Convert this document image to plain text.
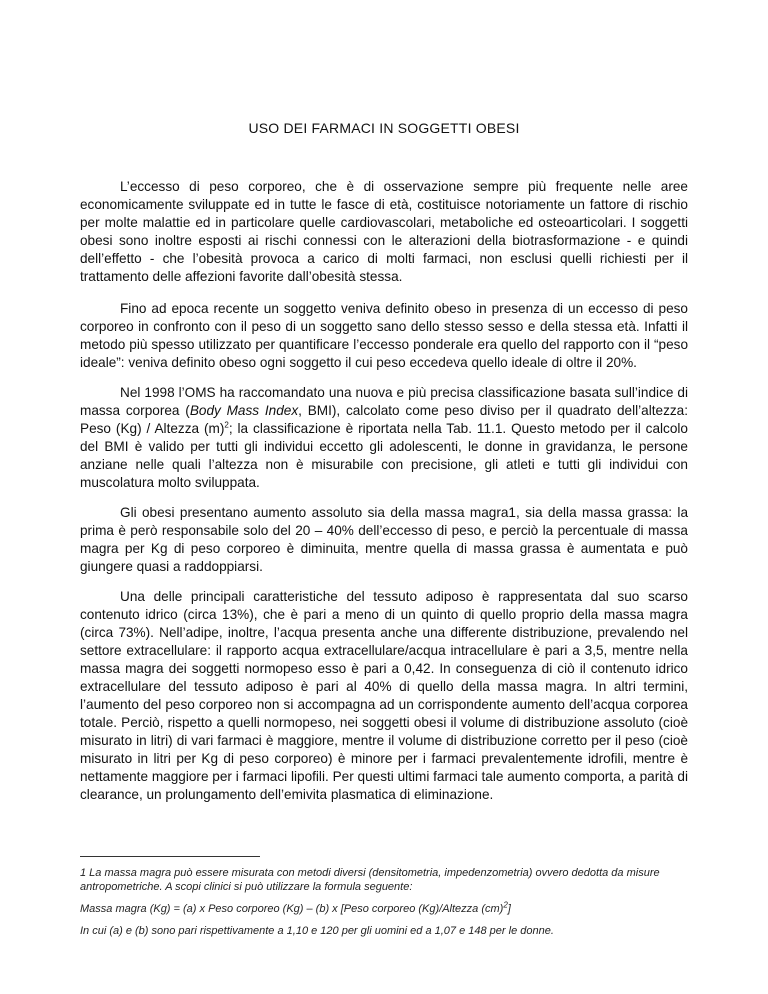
USO DEI FARMACI IN SOGGETTI OBESI

L’eccesso di peso corporeo, che è di osservazione sempre più frequente nelle aree economicamente sviluppate ed in tutte le fasce di età, costituisce notoriamente un fattore di rischio per molte malattie ed in particolare quelle cardiovascolari, metaboliche ed osteoarticolari. I soggetti obesi sono inoltre esposti ai rischi connessi con le alterazioni della biotrasformazione - e quindi dell’effetto - che l’obesità provoca a carico di molti farmaci, non esclusi quelli richiesti per il trattamento delle affezioni favorite dall’obesità stessa.

Fino ad epoca recente un soggetto veniva definito obeso in presenza di un eccesso di peso corporeo in confronto con il peso di un soggetto sano dello stesso sesso e della stessa età. Infatti il metodo più spesso utilizzato per quantificare l’eccesso ponderale era quello del rapporto con il “peso ideale”: veniva definito obeso ogni soggetto il cui peso eccedeva quello ideale di oltre il 20%.

Nel 1998 l’OMS ha raccomandato una nuova e più precisa classificazione basata sull’indice di massa corporea (Body Mass Index, BMI), calcolato come peso diviso per il quadrato dell’altezza: Peso (Kg) / Altezza $(m)^2$; la classificazione è riportata nella Tab. 11.1. Questo metodo per il calcolo del BMI è valido per tutti gli individui eccetto gli adolescenti, le donne in gravidanza, le persone anziane nelle quali l’altezza non è misurabile con precisione, gli atleti e tutti gli individui con muscolatura molto sviluppata.

Gli obesi presentano aumento assoluto sia della massa magra1, sia della massa grassa: la prima è però responsabile solo del 20 – 40% dell’eccesso di peso, e perciò la percentuale di massa magra per Kg di peso corporeo è diminuita, mentre quella di massa grassa è aumentata e può giungere quasi a raddoppiarsi.

Una delle principali caratteristiche del tessuto adiposo è rappresentata dal suo scarso contenuto idrico (circa 13%), che è pari a meno di un quinto di quello proprio della massa magra (circa 73%). Nell’adipe, inoltre, l’acqua presenta anche una differente distribuzione, prevalendo nel settore extracellulare: il rapporto acqua extracellulare/acqua intracellulare è pari a 3,5, mentre nella massa magra dei soggetti normopeso esso è pari a 0,42. In conseguenza di ciò il contenuto idrico extracellulare del tessuto adiposo è pari al 40% di quello della massa magra. In altri termini, l’aumento del peso corporeo non si accompagna ad un corrispondente aumento dell’acqua corporea totale. Perciò, rispetto a quelli normopeso, nei soggetti obesi il volume di distribuzione assoluto (cioè misurato in litri) di vari farmaci è maggiore, mentre il volume di distribuzione corretto per il peso (cioè misurato in litri per Kg di peso corporeo) è minore per i farmaci prevalentemente idrofili, mentre è nettamente maggiore per i farmaci lipofili. Per questi ultimi farmaci tale aumento comporta, a parità di clearance, un prolungamento dell’emivita plasmatica di eliminazione.

1 La massa magra può essere misurata con metodi diversi (densitometria, impedenzometria) ovvero dedotta da misure antropometriche. A scopi clinici si può utilizzare la formula seguente:

Massa magra (Kg) = (a) x Peso corporeo (Kg) – (b) x [Peso corporeo (Kg)/Altezza (cm)$^2$]

In cui (a) e (b) sono pari rispettivamente a 1,10 e 120 per gli uomini ed a 1,07 e 148 per le donne.
